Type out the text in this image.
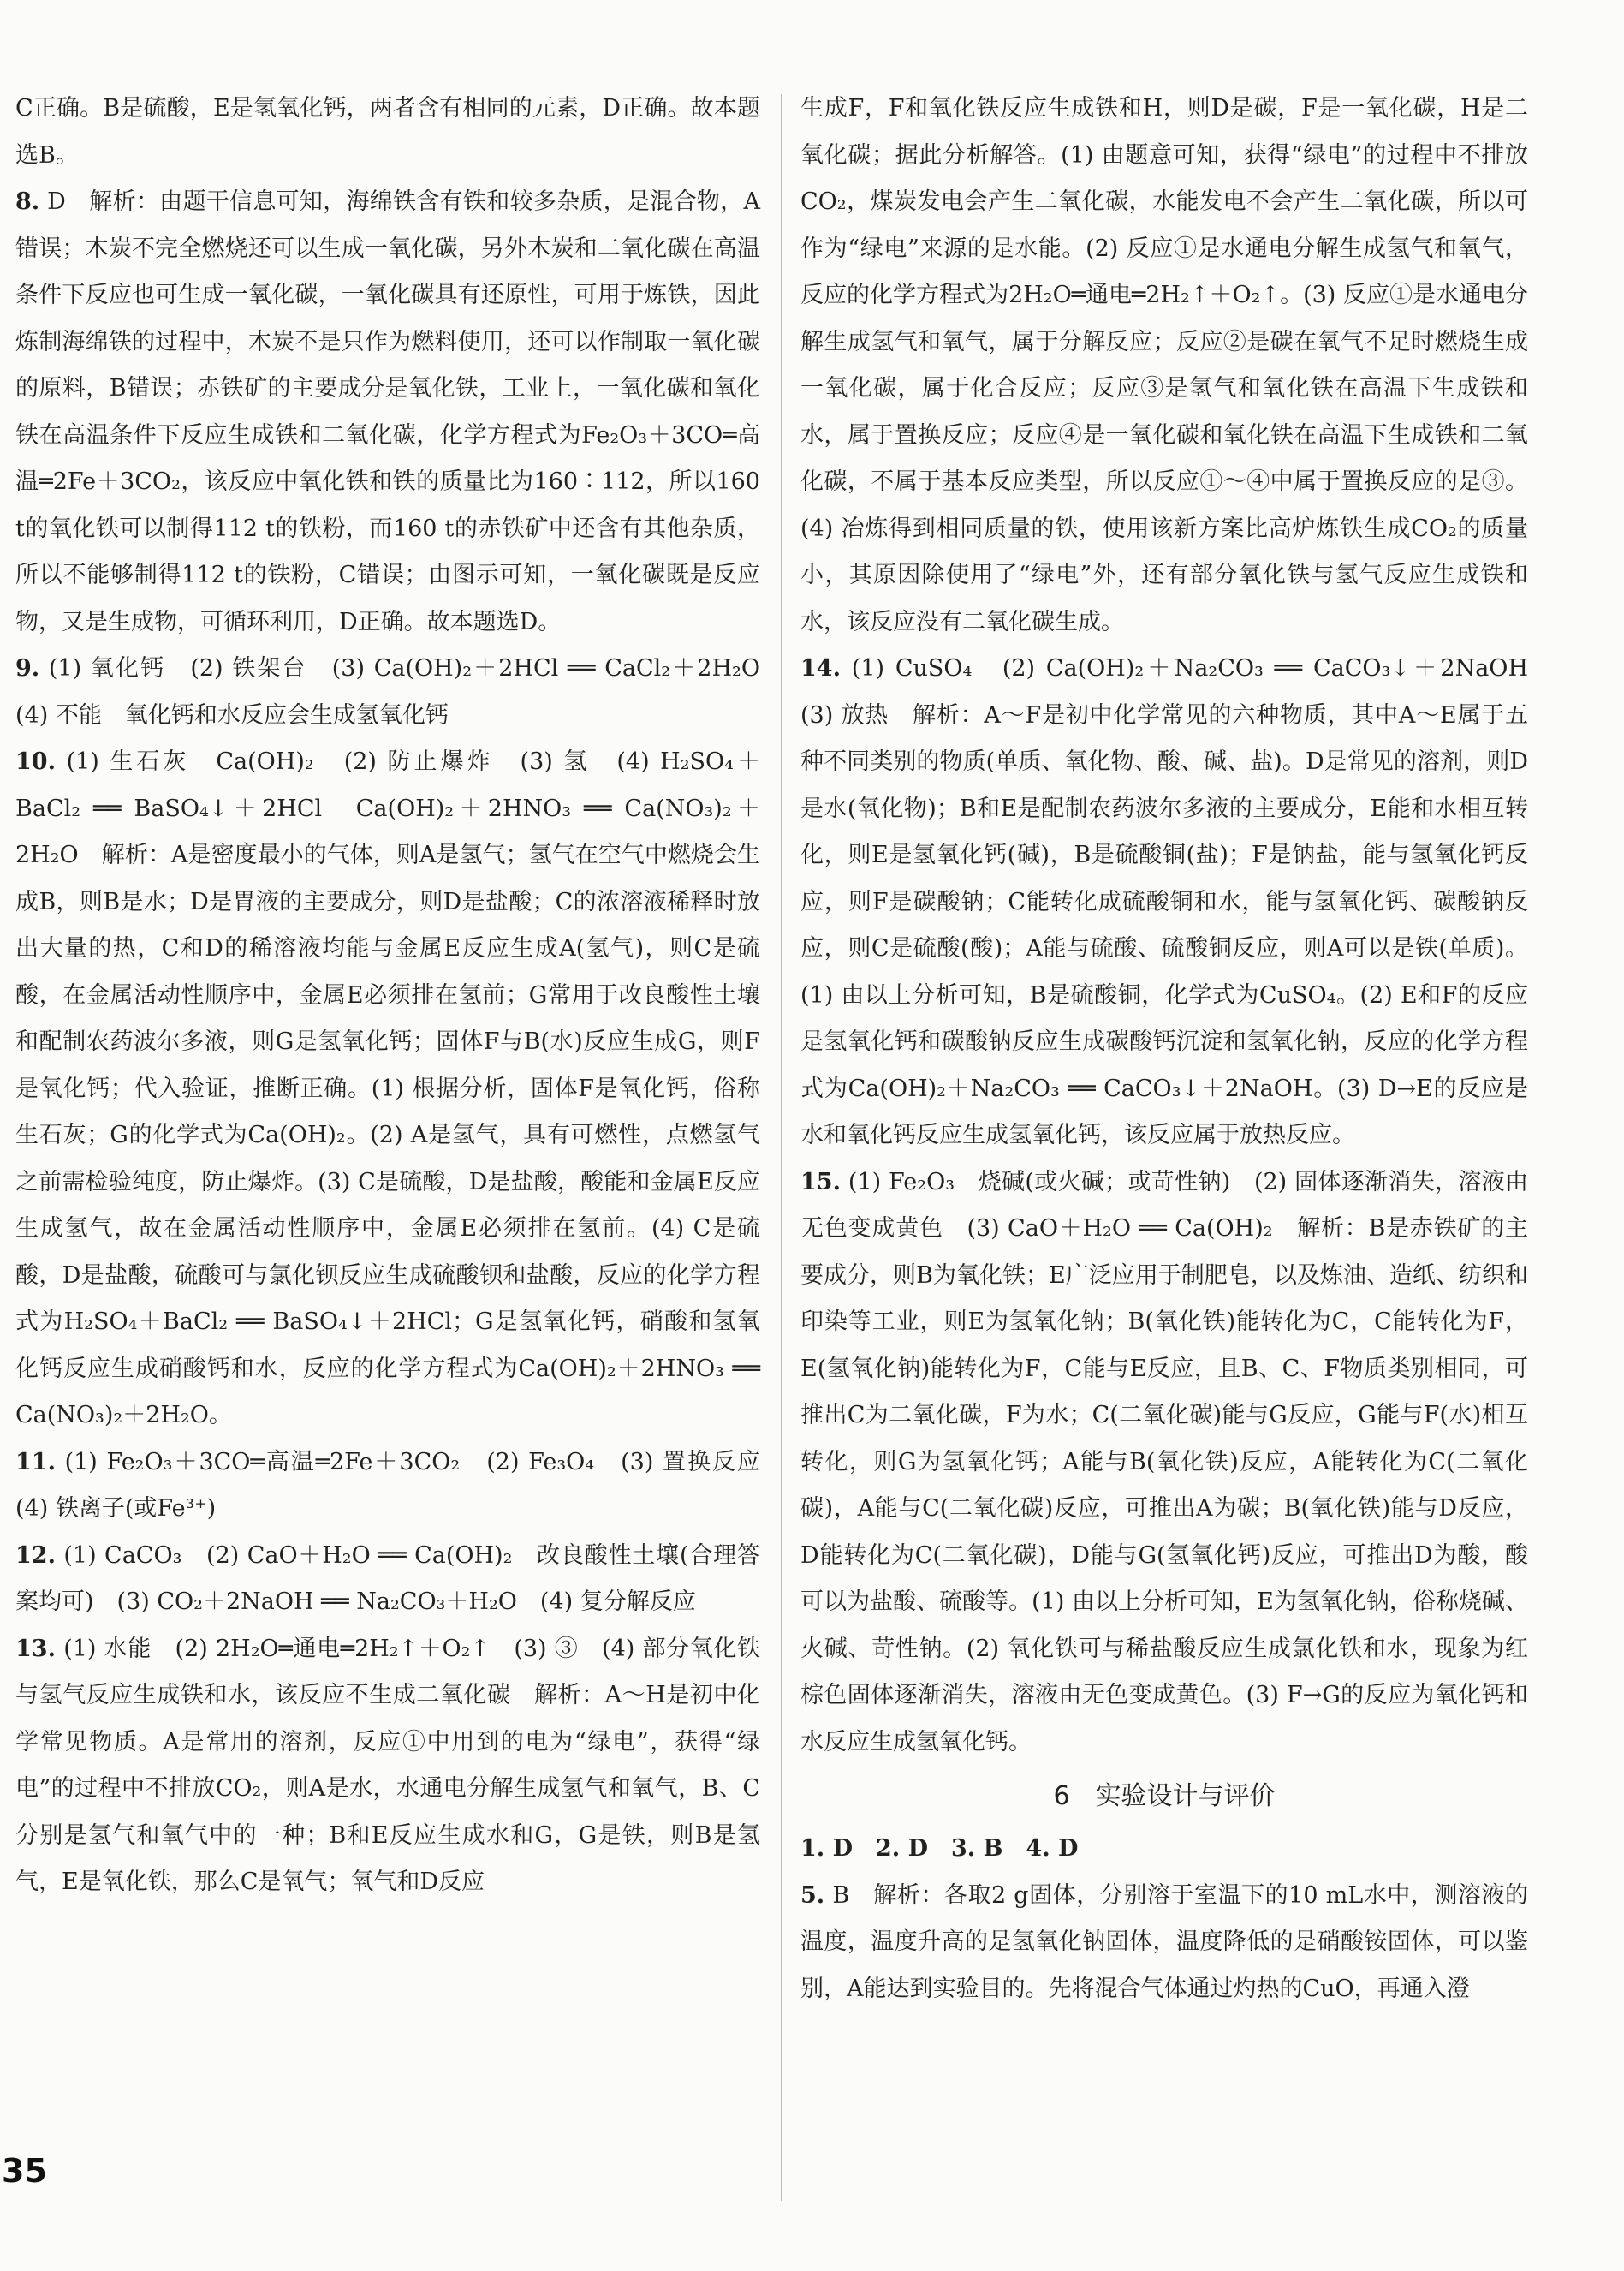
C正确。B是硫酸，E是氢氧化钙，两者含有相同的元素，D正确。故本题选B。

8. D　解析：由题干信息可知，海绵铁含有铁和较多杂质，是混合物，A错误；木炭不完全燃烧还可以生成一氧化碳，另外木炭和二氧化碳在高温条件下反应也可生成一氧化碳，一氧化碳具有还原性，可用于炼铁，因此炼制海绵铁的过程中，木炭不是只作为燃料使用，还可以作制取一氧化碳的原料，B错误；赤铁矿的主要成分是氧化铁，工业上，一氧化碳和氧化铁在高温条件下反应生成铁和二氧化碳，化学方程式为Fe₂O₃＋3CO═高温═2Fe＋3CO₂，该反应中氧化铁和铁的质量比为160∶112，所以160 t的氧化铁可以制得112 t的铁粉，而160 t的赤铁矿中还含有其他杂质，所以不能够制得112 t的铁粉，C错误；由图示可知，一氧化碳既是反应物，又是生成物，可循环利用，D正确。故本题选D。

9. (1) 氧化钙　(2) 铁架台　(3) Ca(OH)₂＋2HCl ══ CaCl₂＋2H₂O　(4) 不能　氧化钙和水反应会生成氢氧化钙

10. (1) 生石灰　Ca(OH)₂　(2) 防止爆炸　(3) 氢　(4) H₂SO₄＋BaCl₂ ══ BaSO₄↓＋2HCl　Ca(OH)₂＋2HNO₃ ══ Ca(NO₃)₂＋2H₂O　解析：A是密度最小的气体，则A是氢气；氢气在空气中燃烧会生成B，则B是水；D是胃液的主要成分，则D是盐酸；C的浓溶液稀释时放出大量的热，C和D的稀溶液均能与金属E反应生成A(氢气)，则C是硫酸，在金属活动性顺序中，金属E必须排在氢前；G常用于改良酸性土壤和配制农药波尔多液，则G是氢氧化钙；固体F与B(水)反应生成G，则F是氧化钙；代入验证，推断正确。(1) 根据分析，固体F是氧化钙，俗称生石灰；G的化学式为Ca(OH)₂。(2) A是氢气，具有可燃性，点燃氢气之前需检验纯度，防止爆炸。(3) C是硫酸，D是盐酸，酸能和金属E反应生成氢气，故在金属活动性顺序中，金属E必须排在氢前。(4) C是硫酸，D是盐酸，硫酸可与氯化钡反应生成硫酸钡和盐酸，反应的化学方程式为H₂SO₄＋BaCl₂ ══ BaSO₄↓＋2HCl；G是氢氧化钙，硝酸和氢氧化钙反应生成硝酸钙和水，反应的化学方程式为Ca(OH)₂＋2HNO₃ ══ Ca(NO₃)₂＋2H₂O。

11. (1) Fe₂O₃＋3CO═高温═2Fe＋3CO₂　(2) Fe₃O₄　(3) 置换反应　(4) 铁离子(或Fe³⁺)

12. (1) CaCO₃　(2) CaO＋H₂O ══ Ca(OH)₂　改良酸性土壤(合理答案均可)　(3) CO₂＋2NaOH ══ Na₂CO₃＋H₂O　(4) 复分解反应

13. (1) 水能　(2) 2H₂O═通电═2H₂↑＋O₂↑　(3) ③　(4) 部分氧化铁与氢气反应生成铁和水，该反应不生成二氧化碳　解析：A～H是初中化学常见物质。A是常用的溶剂，反应①中用到的电为“绿电”，获得“绿电”的过程中不排放CO₂，则A是水，水通电分解生成氢气和氧气，B、C分别是氢气和氧气中的一种；B和E反应生成水和G，G是铁，则B是氢气，E是氧化铁，那么C是氧气；氧气和D反应

生成F，F和氧化铁反应生成铁和H，则D是碳，F是一氧化碳，H是二氧化碳；据此分析解答。(1) 由题意可知，获得“绿电”的过程中不排放CO₂，煤炭发电会产生二氧化碳，水能发电不会产生二氧化碳，所以可作为“绿电”来源的是水能。(2) 反应①是水通电分解生成氢气和氧气，反应的化学方程式为2H₂O═通电═2H₂↑＋O₂↑。(3) 反应①是水通电分解生成氢气和氧气，属于分解反应；反应②是碳在氧气不足时燃烧生成一氧化碳，属于化合反应；反应③是氢气和氧化铁在高温下生成铁和水，属于置换反应；反应④是一氧化碳和氧化铁在高温下生成铁和二氧化碳，不属于基本反应类型，所以反应①～④中属于置换反应的是③。(4) 冶炼得到相同质量的铁，使用该新方案比高炉炼铁生成CO₂的质量小，其原因除使用了“绿电”外，还有部分氧化铁与氢气反应生成铁和水，该反应没有二氧化碳生成。

14. (1) CuSO₄　(2) Ca(OH)₂＋Na₂CO₃ ══ CaCO₃↓＋2NaOH　(3) 放热　解析：A～F是初中化学常见的六种物质，其中A～E属于五种不同类别的物质(单质、氧化物、酸、碱、盐)。D是常见的溶剂，则D是水(氧化物)；B和E是配制农药波尔多液的主要成分，E能和水相互转化，则E是氢氧化钙(碱)，B是硫酸铜(盐)；F是钠盐，能与氢氧化钙反应，则F是碳酸钠；C能转化成硫酸铜和水，能与氢氧化钙、碳酸钠反应，则C是硫酸(酸)；A能与硫酸、硫酸铜反应，则A可以是铁(单质)。(1) 由以上分析可知，B是硫酸铜，化学式为CuSO₄。(2) E和F的反应是氢氧化钙和碳酸钠反应生成碳酸钙沉淀和氢氧化钠，反应的化学方程式为Ca(OH)₂＋Na₂CO₃ ══ CaCO₃↓＋2NaOH。(3) D→E的反应是水和氧化钙反应生成氢氧化钙，该反应属于放热反应。

15. (1) Fe₂O₃　烧碱(或火碱；或苛性钠)　(2) 固体逐渐消失，溶液由无色变成黄色　(3) CaO＋H₂O ══ Ca(OH)₂　解析：B是赤铁矿的主要成分，则B为氧化铁；E广泛应用于制肥皂，以及炼油、造纸、纺织和印染等工业，则E为氢氧化钠；B(氧化铁)能转化为C，C能转化为F，E(氢氧化钠)能转化为F，C能与E反应，且B、C、F物质类别相同，可推出C为二氧化碳，F为水；C(二氧化碳)能与G反应，G能与F(水)相互转化，则G为氢氧化钙；A能与B(氧化铁)反应，A能转化为C(二氧化碳)，A能与C(二氧化碳)反应，可推出A为碳；B(氧化铁)能与D反应，D能转化为C(二氧化碳)，D能与G(氢氧化钙)反应，可推出D为酸，酸可以为盐酸、硫酸等。(1) 由以上分析可知，E为氢氧化钠，俗称烧碱、火碱、苛性钠。(2) 氧化铁可与稀盐酸反应生成氯化铁和水，现象为红棕色固体逐渐消失，溶液由无色变成黄色。(3) F→G的反应为氧化钙和水反应生成氢氧化钙。

6　实验设计与评价

1. D　2. D　3. B　4. D

5. B　解析：各取2 g固体，分别溶于室温下的10 mL水中，测溶液的温度，温度升高的是氢氧化钠固体，温度降低的是硝酸铵固体，可以鉴别，A能达到实验目的。先将混合气体通过灼热的CuO，再通入澄

35
